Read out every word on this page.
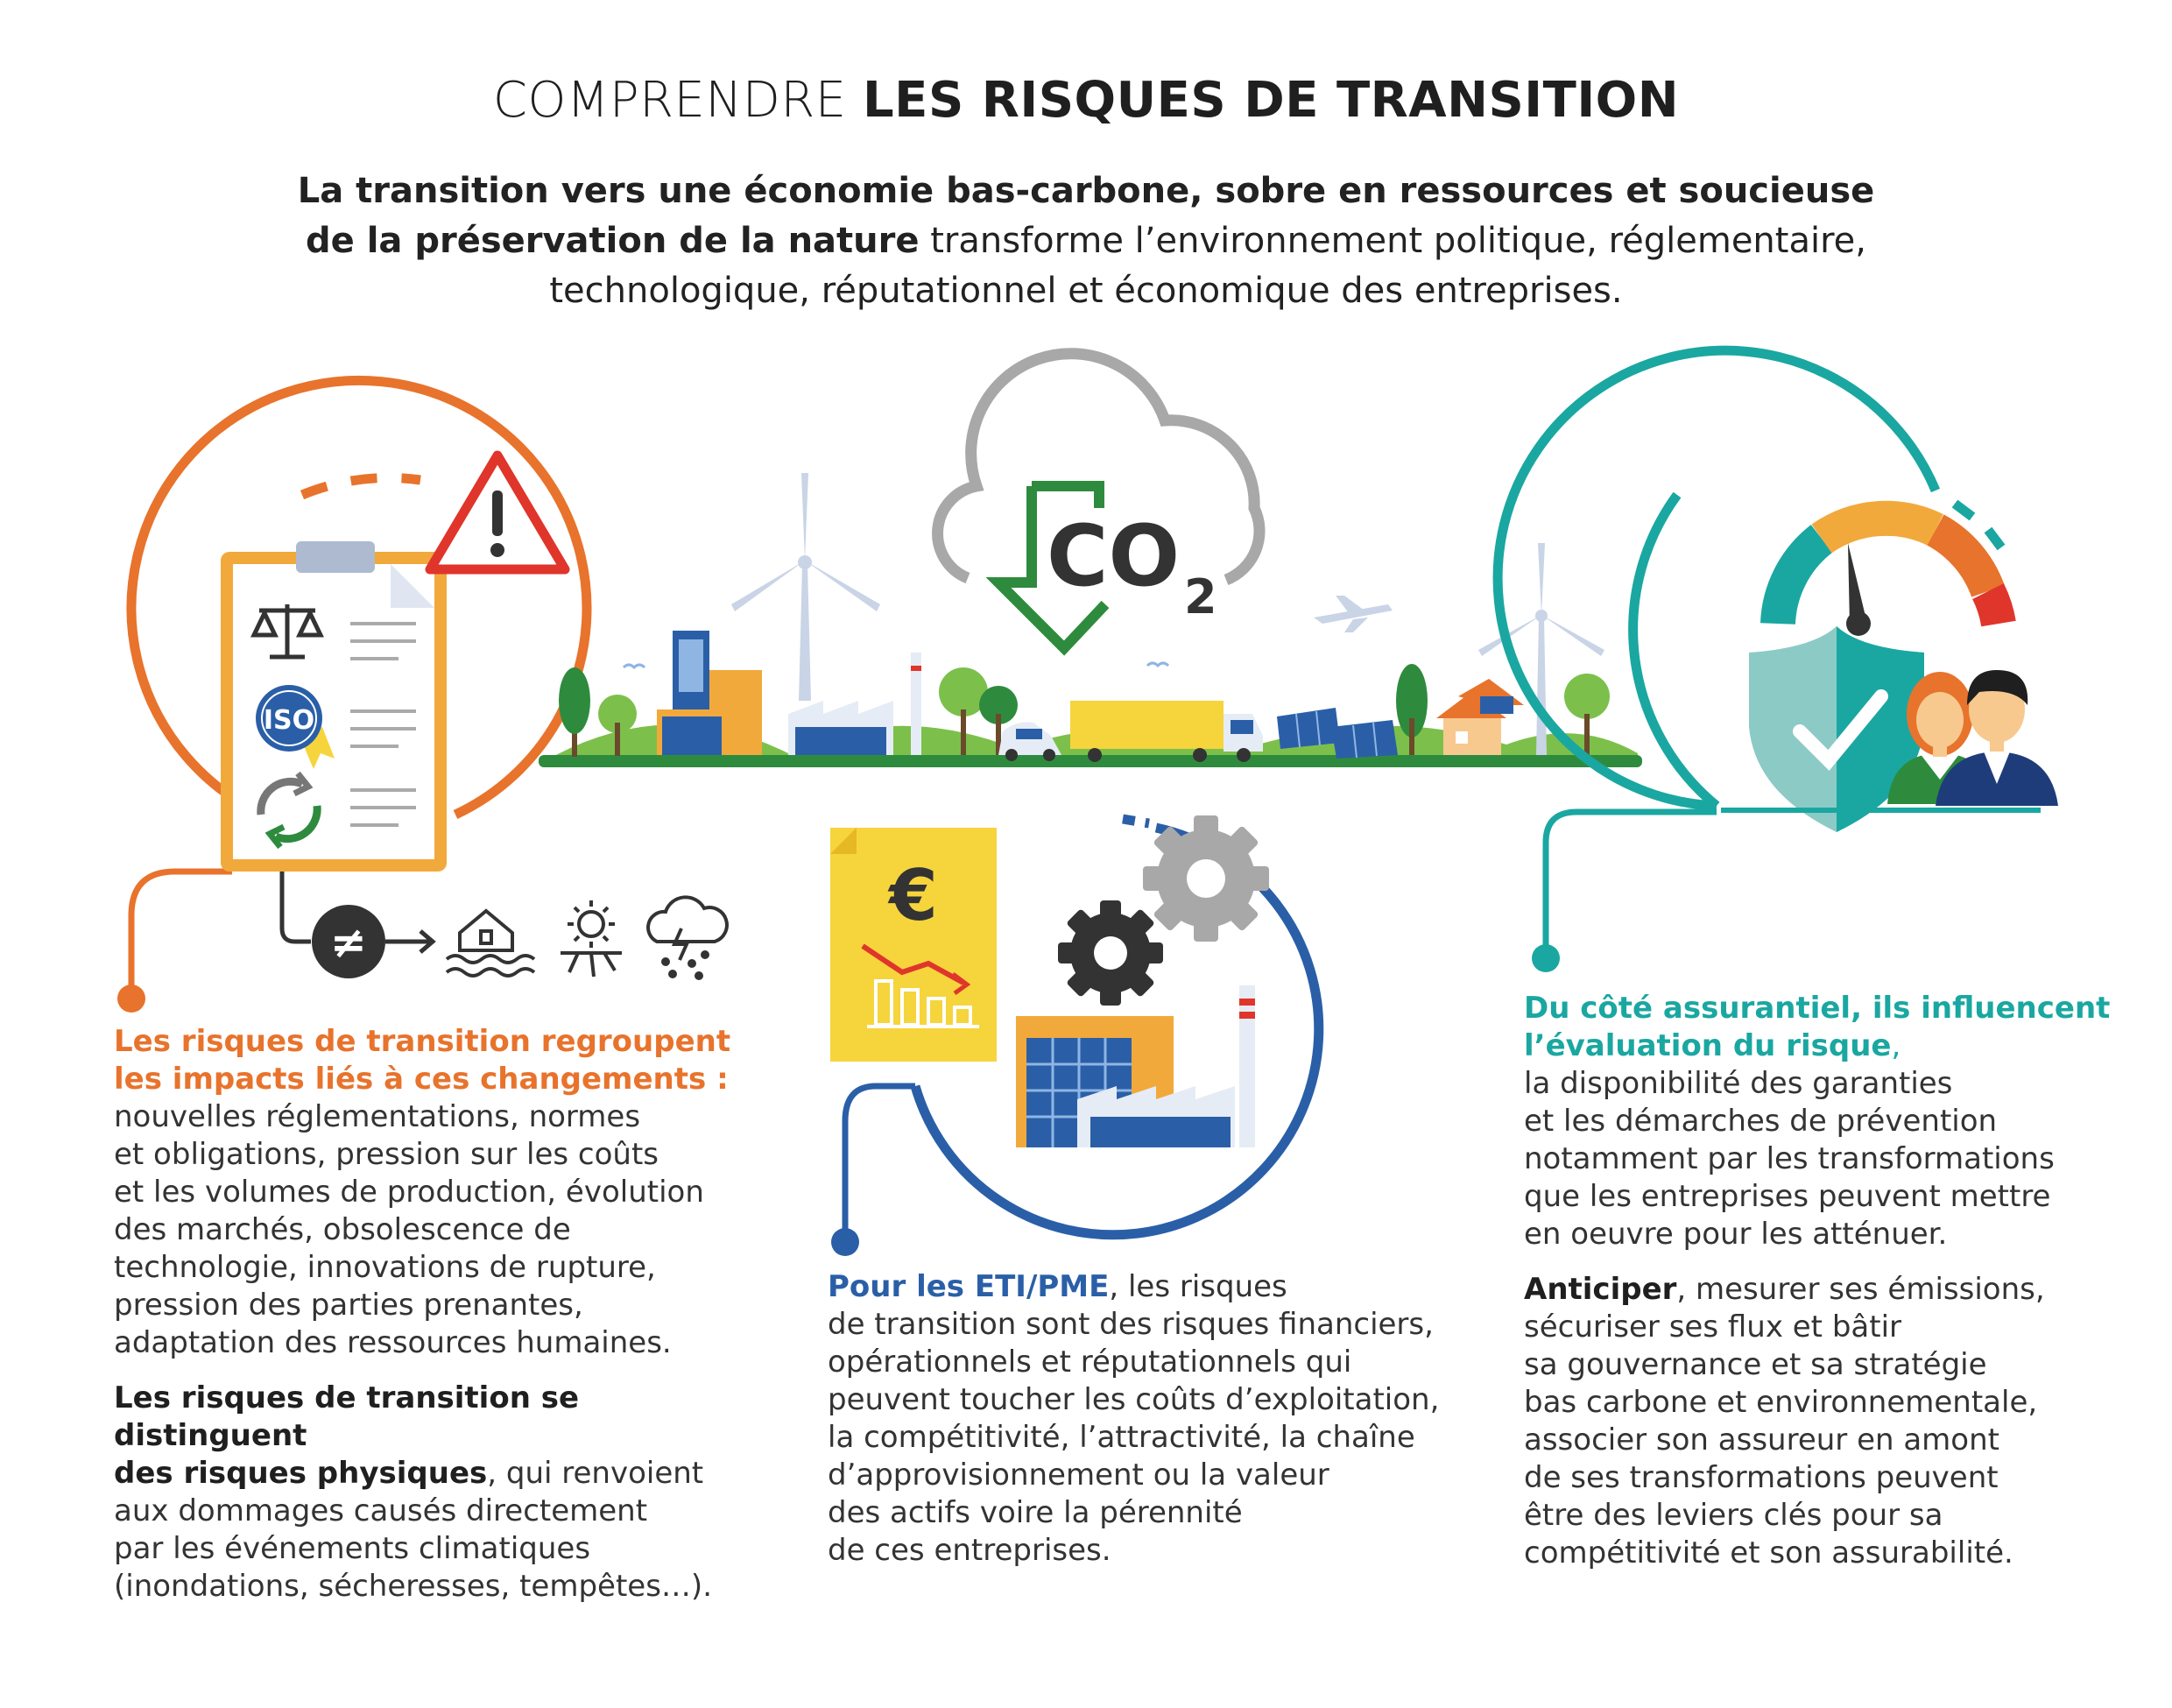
COMPRENDRE LES RISQUES DE TRANSITION
La transition vers une économie bas-carbone, sobre en ressources et soucieuse
de la préservation de la nature transforme l’environnement politique, réglementaire,
technologique, réputationnel et économique des entreprises.
ISO
≠
CO 2
€

Les risques de transition regroupent
les impacts liés à ces changements :
nouvelles réglementations, normes
et obligations, pression sur les coûts
et les volumes de production, évolution
des marchés, obsolescence de
technologie, innovations de rupture,
pression des parties prenantes,
adaptation des ressources humaines.

Les risques de transition se distinguent
des risques physiques, qui renvoient
aux dommages causés directement
par les événements climatiques
(inondations, sécheresses, tempêtes…).

Pour les ETI/PME, les risques
de transition sont des risques financiers,
opérationnels et réputationnels qui
peuvent toucher les coûts d’exploitation,
la compétitivité, l’attractivité, la chaîne
d’approvisionnement ou la valeur
des actifs voire la pérennité
de ces entreprises.

Du côté assurantiel, ils influencent
l’évaluation du risque,
la disponibilité des garanties
et les démarches de prévention
notamment par les transformations
que les entreprises peuvent mettre
en oeuvre pour les atténuer.

Anticiper, mesurer ses émissions,
sécuriser ses flux et bâtir
sa gouvernance et sa stratégie
bas carbone et environnementale,
associer son assureur en amont
de ses transformations peuvent
être des leviers clés pour sa
compétitivité et son assurabilité.
